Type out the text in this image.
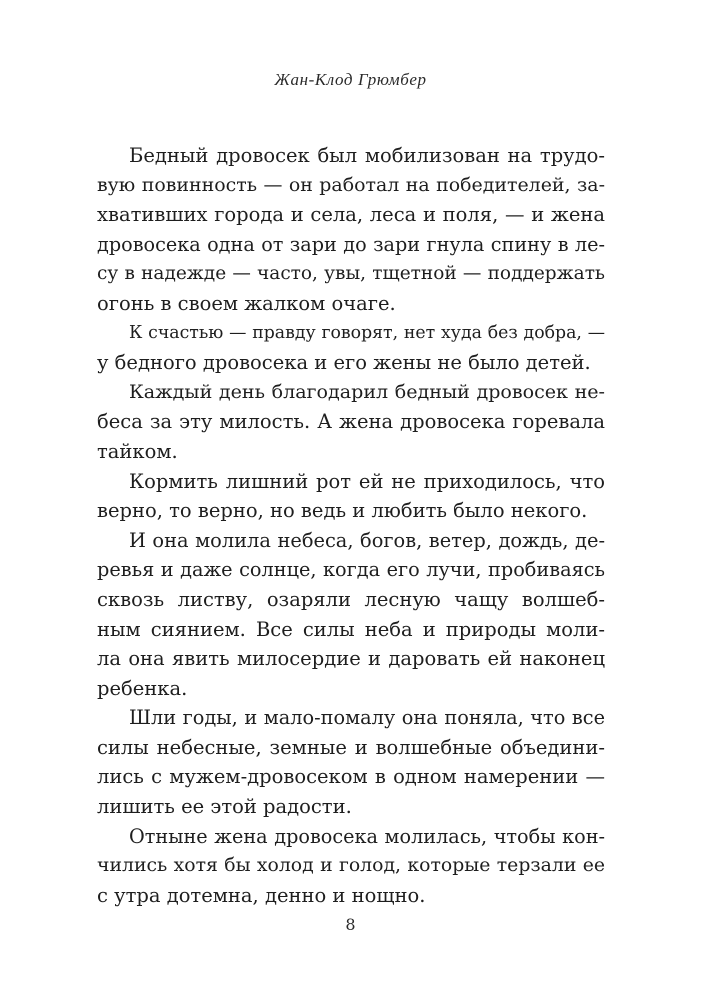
Жан-Клод Грюмбер

Бедный дровосек был мобилизован на трудо-
вую повинность — он работал на победителей, за-
хвативших города и села, леса и поля, — и жена
дровосека одна от зари до зари гнула спину в ле-
су в надежде — часто, увы, тщетной — поддержать
огонь в своем жалком очаге.

К счастью — правду говорят, нет худа без добра, —
у бедного дровосека и его жены не было детей.

Каждый день благодарил бедный дровосек не-
беса за эту милость. А жена дровосека горевала
тайком.

Кормить лишний рот ей не приходилось, что
верно, то верно, но ведь и любить было некого.

И она молила небеса, богов, ветер, дождь, де-
ревья и даже солнце, когда его лучи, пробиваясь
сквозь листву, озаряли лесную чащу волшеб-
ным сиянием. Все силы неба и природы моли-
ла она явить милосердие и даровать ей наконец
ребенка.

Шли годы, и мало-помалу она поняла, что все
силы небесные, земные и волшебные объедини-
лись с мужем-дровосеком в одном намерении —
лишить ее этой радости.

Отныне жена дровосека молилась, чтобы кон-
чились хотя бы холод и голод, которые терзали ее
с утра дотемна, денно и нощно.

8
